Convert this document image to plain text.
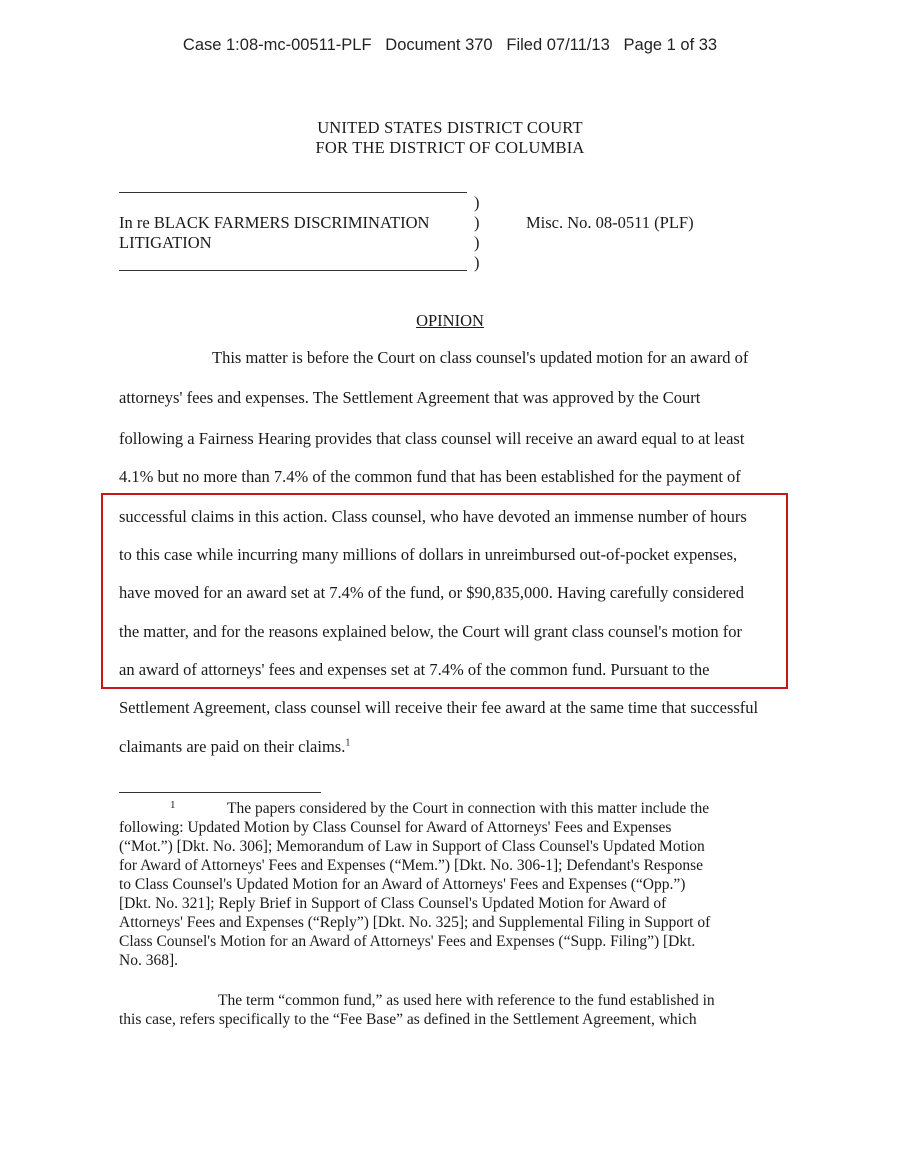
Case 1:08-mc-00511-PLF Document 370 Filed 07/11/13 Page 1 of 33
UNITED STATES DISTRICT COURT
FOR THE DISTRICT OF COLUMBIA
In re BLACK FARMERS DISCRIMINATION
LITIGATION
)
)
)
)
Misc. No. 08-0511 (PLF)
OPINION
This matter is before the Court on class counsel's updated motion for an award of
attorneys' fees and expenses. The Settlement Agreement that was approved by the Court
following a Fairness Hearing provides that class counsel will receive an award equal to at least
4.1% but no more than 7.4% of the common fund that has been established for the payment of
successful claims in this action. Class counsel, who have devoted an immense number of hours
to this case while incurring many millions of dollars in unreimbursed out-of-pocket expenses,
have moved for an award set at 7.4% of the fund, or $90,835,000. Having carefully considered
the matter, and for the reasons explained below, the Court will grant class counsel's motion for
an award of attorneys' fees and expenses set at 7.4% of the common fund. Pursuant to the
Settlement Agreement, class counsel will receive their fee award at the same time that successful
claimants are paid on their claims.$^1$
1	The papers considered by the Court in connection with this matter include the
following: Updated Motion by Class Counsel for Award of Attorneys' Fees and Expenses
(“Mot.”) [Dkt. No. 306]; Memorandum of Law in Support of Class Counsel's Updated Motion
for Award of Attorneys' Fees and Expenses (“Mem.”) [Dkt. No. 306-1]; Defendant's Response
to Class Counsel's Updated Motion for an Award of Attorneys' Fees and Expenses (“Opp.”)
[Dkt. No. 321]; Reply Brief in Support of Class Counsel's Updated Motion for Award of
Attorneys' Fees and Expenses (“Reply”) [Dkt. No. 325]; and Supplemental Filing in Support of
Class Counsel's Motion for an Award of Attorneys' Fees and Expenses (“Supp. Filing”) [Dkt.
No. 368].
The term “common fund,” as used here with reference to the fund established in
this case, refers specifically to the “Fee Base” as defined in the Settlement Agreement, which
